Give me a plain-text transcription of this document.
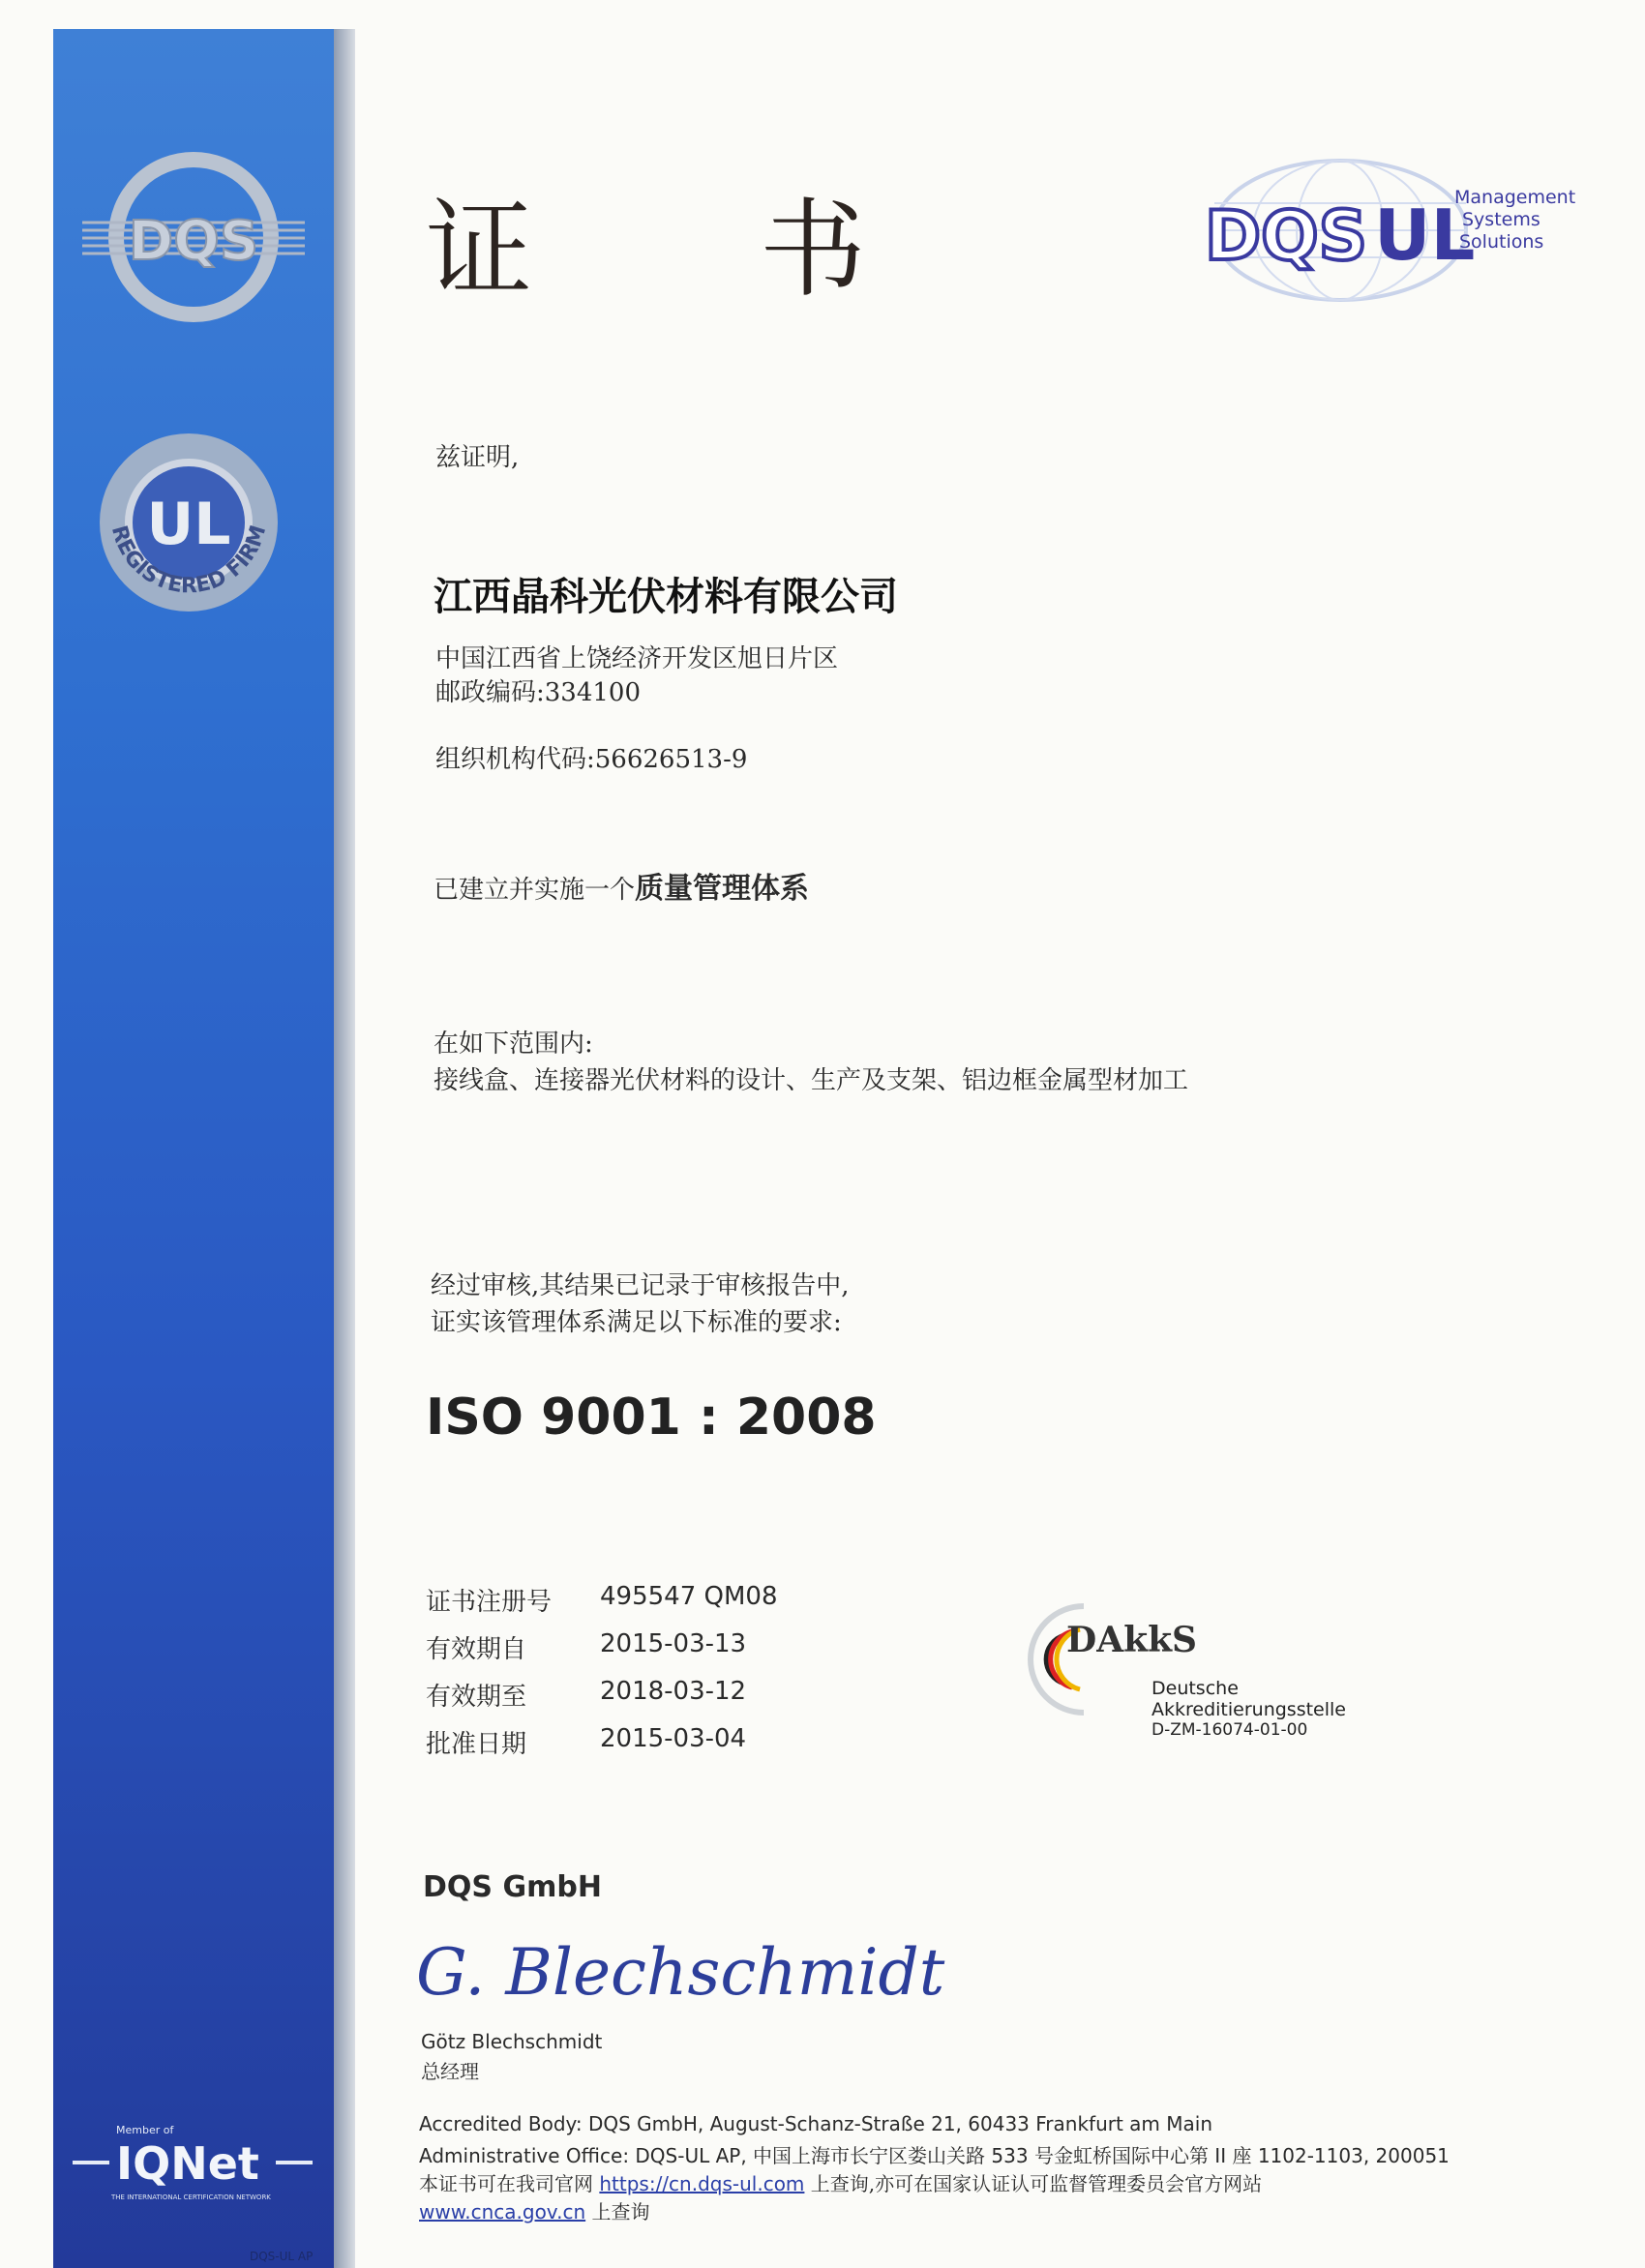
DQS
UL
REGISTERED FIRM
证 书	DQS UL
Management
Systems
Solutions
兹证明,
江西晶科光伏材料有限公司
中国江西省上饶经济开发区旭日片区
邮政编码:334100
组织机构代码:56626513-9
已建立并实施一个质量管理体系
在如下范围内:
接线盒、连接器光伏材料的设计、生产及支架、铝边框金属型材加工
经过审核,其结果已记录于审核报告中,
证实该管理体系满足以下标准的要求:
ISO 9001 : 2008
证书注册号 495547 QM08
有效期自	2015-03-13
有效期至	2018-03-12
批准日期	2015-03-04
DAkkS
Deutsche
Akkreditierungsstelle
D-ZM-16074-01-00
DQS GmbH
G. Blechschmidt
Götz Blechschmidt
总经理
Accredited Body: DQS GmbH, August-Schanz-Straße 21, 60433 Frankfurt am Main
Administrative Office: DQS-UL AP, 中国上海市长宁区娄山关路 533 号金虹桥国际中心第 II 座 1102-1103, 200051
本证书可在我司官网 https://cn.dqs-ul.com 上查询,亦可在国家认证认可监督管理委员会官方网站
www.cnca.gov.cn 上查询
Member of
IQNet
THE INTERNATIONAL CERTIFICATION NETWORK
DQS-UL AP
